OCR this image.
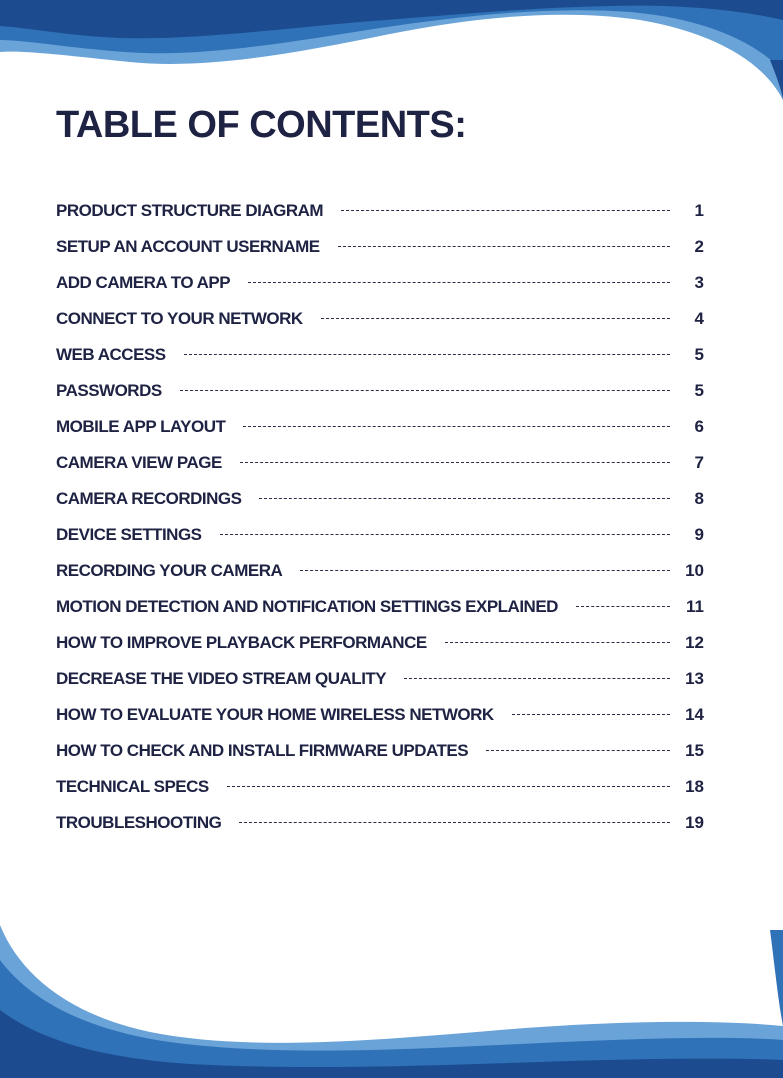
TABLE OF CONTENTS:
PRODUCT STRUCTURE DIAGRAM	1
SETUP AN ACCOUNT USERNAME	2
ADD CAMERA TO APP	3
CONNECT TO YOUR NETWORK	4
WEB ACCESS	5
PASSWORDS	5
MOBILE APP LAYOUT	6
CAMERA VIEW PAGE	7
CAMERA RECORDINGS	8
DEVICE SETTINGS	9
RECORDING YOUR CAMERA	10
MOTION DETECTION AND NOTIFICATION SETTINGS EXPLAINED	11
HOW TO IMPROVE PLAYBACK PERFORMANCE	12
DECREASE THE VIDEO STREAM QUALITY	13
HOW TO EVALUATE YOUR HOME WIRELESS NETWORK	14
HOW TO CHECK AND INSTALL FIRMWARE UPDATES	15
TECHNICAL SPECS	18
TROUBLESHOOTING	19
